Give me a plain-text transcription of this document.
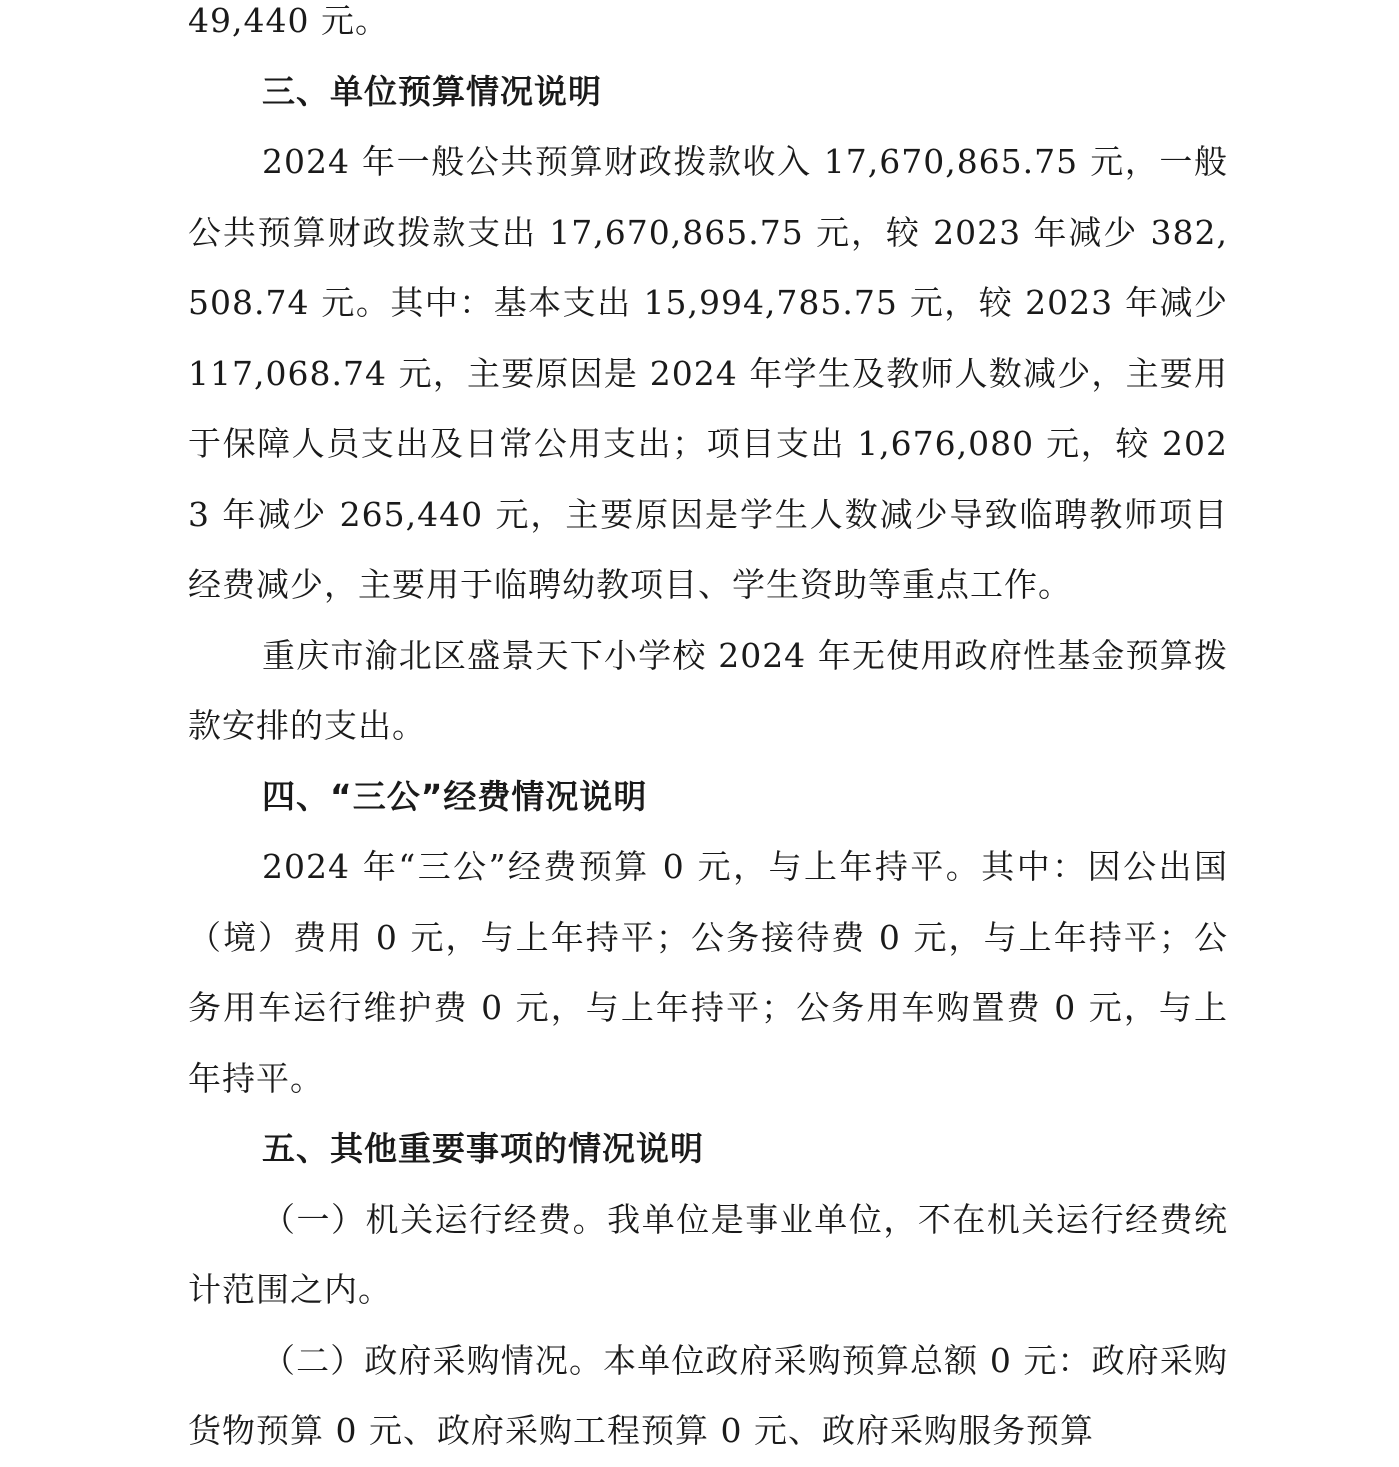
49,440 元。

三、单位预算情况说明

2024 年一般公共预算财政拨款收入 17,670,865.75 元，一般公共预算财政拨款支出 17,670,865.75 元，较 2023 年减少 382,508.74 元。其中：基本支出 15,994,785.75 元，较 2023 年减少 117,068.74 元，主要原因是 2024 年学生及教师人数减少，主要用于保障人员支出及日常公用支出；项目支出 1,676,080 元，较 2023 年减少 265,440 元，主要原因是学生人数减少导致临聘教师项目经费减少，主要用于临聘幼教项目、学生资助等重点工作。

重庆市渝北区盛景天下小学校 2024 年无使用政府性基金预算拨款安排的支出。

四、“三公”经费情况说明

2024 年“三公”经费预算 0 元，与上年持平。其中：因公出国（境）费用 0 元，与上年持平；公务接待费 0 元，与上年持平；公务用车运行维护费 0 元，与上年持平；公务用车购置费 0 元，与上年持平。

五、其他重要事项的情况说明

（一）机关运行经费。我单位是事业单位，不在机关运行经费统计范围之内。

（二）政府采购情况。本单位政府采购预算总额 0 元：政府采购货物预算 0 元、政府采购工程预算 0 元、政府采购服务预算
